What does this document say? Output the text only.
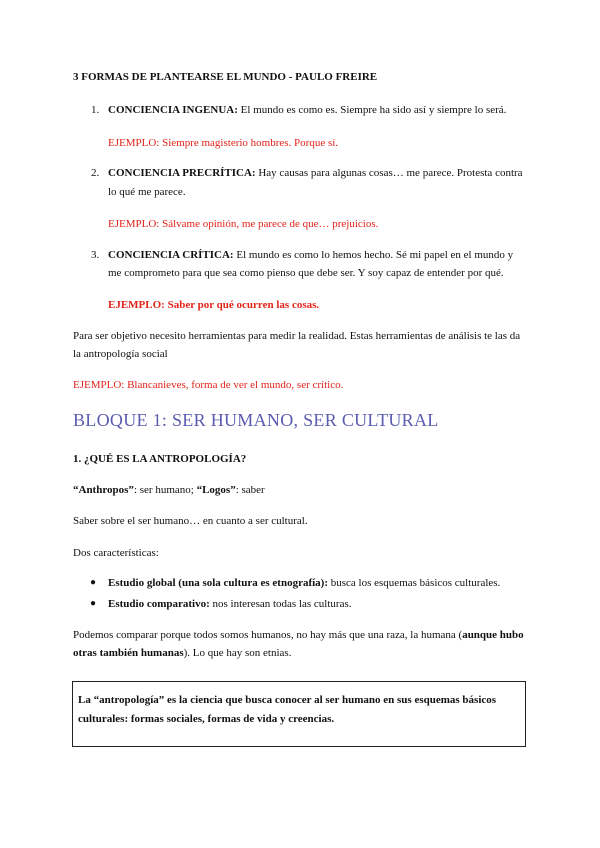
3 FORMAS DE PLANTEARSE EL MUNDO - PAULO FREIRE
1. CONCIENCIA INGENUA: El mundo es como es. Siempre ha sido así y siempre lo será.
EJEMPLO: Siempre magisterio hombres. Porque sí.
2. CONCIENCIA PRECRÍTICA: Hay causas para algunas cosas… me parece. Protesta contra
lo qué me parece.
EJEMPLO: Sálvame opinión, me parece de que… prejuicios.
3. CONCIENCIA CRÍTICA: El mundo es como lo hemos hecho. Sé mi papel en el mundo y
me comprometo para que sea como pienso que debe ser. Y soy capaz de entender por qué.
EJEMPLO: Saber por qué ocurren las cosas.
Para ser objetivo necesito herramientas para medir la realidad. Estas herramientas de análisis te las da
la antropología social
EJEMPLO: Blancanieves, forma de ver el mundo, ser crítico.
BLOQUE 1: SER HUMANO, SER CULTURAL
1. ¿QUÉ ES LA ANTROPOLOGÍA?
“Anthropos”: ser humano; “Logos”: saber
Saber sobre el ser humano… en cuanto a ser cultural.
Dos características:
● Estudio global (una sola cultura es etnografía): busca los esquemas básicos culturales.
● Estudio comparativo: nos interesan todas las culturas.
Podemos comparar porque todos somos humanos, no hay más que una raza, la humana (aunque hubo
otras también humanas). Lo que hay son etnias.
La “antropología” es la ciencia que busca conocer al ser humano en sus esquemas básicos
culturales: formas sociales, formas de vida y creencias.
